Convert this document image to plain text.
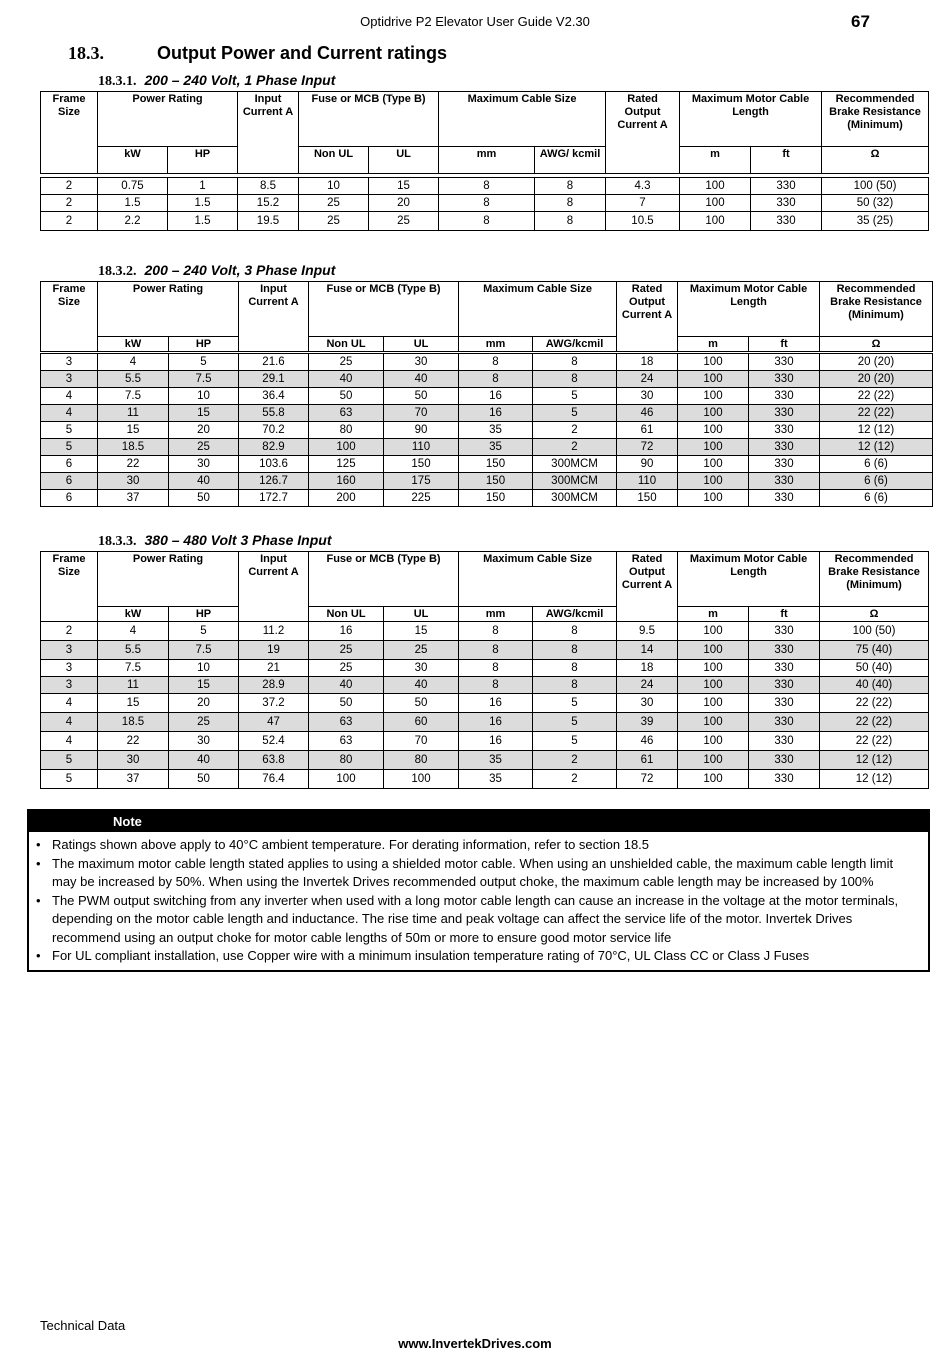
Optidrive P2 Elevator User Guide V2.30	67
18.3.	Output Power and Current ratings
18.3.1. 200 – 240 Volt, 1 Phase Input
Frame Size	Power Rating		Input Current A	Fuse or MCB (Type B)		Maximum Cable Size		Rated Output Current A	Maximum Motor Cable Length		Recommended Brake Resistance (Minimum)
	kW	HP		Non UL	UL	mm	AWG/ kcmil		m	ft	Ω
2	0.75	1	8.5	10	15	8	8	4.3	100	330	100 (50)
2	1.5	1.5	15.2	25	20	8	8	7	100	330	50 (32)
2	2.2	1.5	19.5	25	25	8	8	10.5	100	330	35 (25)
18.3.2. 200 – 240 Volt, 3 Phase Input
Frame Size	Power Rating		Input Current A	Fuse or MCB (Type B)		Maximum Cable Size		Rated Output Current A	Maximum Motor Cable Length		Recommended Brake Resistance (Minimum)
	kW	HP		Non UL	UL	mm	AWG/kcmil		m	ft	Ω
3	4	5	21.6	25	30	8	8	18	100	330	20 (20)
3	5.5	7.5	29.1	40	40	8	8	24	100	330	20 (20)
4	7.5	10	36.4	50	50	16	5	30	100	330	22 (22)
4	11	15	55.8	63	70	16	5	46	100	330	22 (22)
5	15	20	70.2	80	90	35	2	61	100	330	12 (12)
5	18.5	25	82.9	100	110	35	2	72	100	330	12 (12)
6	22	30	103.6	125	150	150	300MCM	90	100	330	6 (6)
6	30	40	126.7	160	175	150	300MCM	110	100	330	6 (6)
6	37	50	172.7	200	225	150	300MCM	150	100	330	6 (6)
18.3.3. 380 – 480 Volt 3 Phase Input
Frame Size	Power Rating		Input Current A	Fuse or MCB (Type B)		Maximum Cable Size		Rated Output Current A	Maximum Motor Cable Length		Recommended Brake Resistance (Minimum)
	kW	HP		Non UL	UL	mm	AWG/kcmil		m	ft	Ω
2	4	5	11.2	16	15	8	8	9.5	100	330	100 (50)
3	5.5	7.5	19	25	25	8	8	14	100	330	75 (40)
3	7.5	10	21	25	30	8	8	18	100	330	50 (40)
3	11	15	28.9	40	40	8	8	24	100	330	40 (40)
4	15	20	37.2	50	50	16	5	30	100	330	22 (22)
4	18.5	25	47	63	60	16	5	39	100	330	22 (22)
4	22	30	52.4	63	70	16	5	46	100	330	22 (22)
5	30	40	63.8	80	80	35	2	61	100	330	12 (12)
5	37	50	76.4	100	100	35	2	72	100	330	12 (12)
Note
• Ratings shown above apply to 40°C ambient temperature. For derating information, refer to section 18.5
• The maximum motor cable length stated applies to using a shielded motor cable. When using an unshielded cable, the maximum cable length limit may be increased by 50%. When using the Invertek Drives recommended output choke, the maximum cable length may be increased by 100%
• The PWM output switching from any inverter when used with a long motor cable length can cause an increase in the voltage at the motor terminals, depending on the motor cable length and inductance. The rise time and peak voltage can affect the service life of the motor. Invertek Drives recommend using an output choke for motor cable lengths of 50m or more to ensure good motor service life
• For UL compliant installation, use Copper wire with a minimum insulation temperature rating of 70°C, UL Class CC or Class J Fuses
Technical Data
www.InvertekDrives.com
